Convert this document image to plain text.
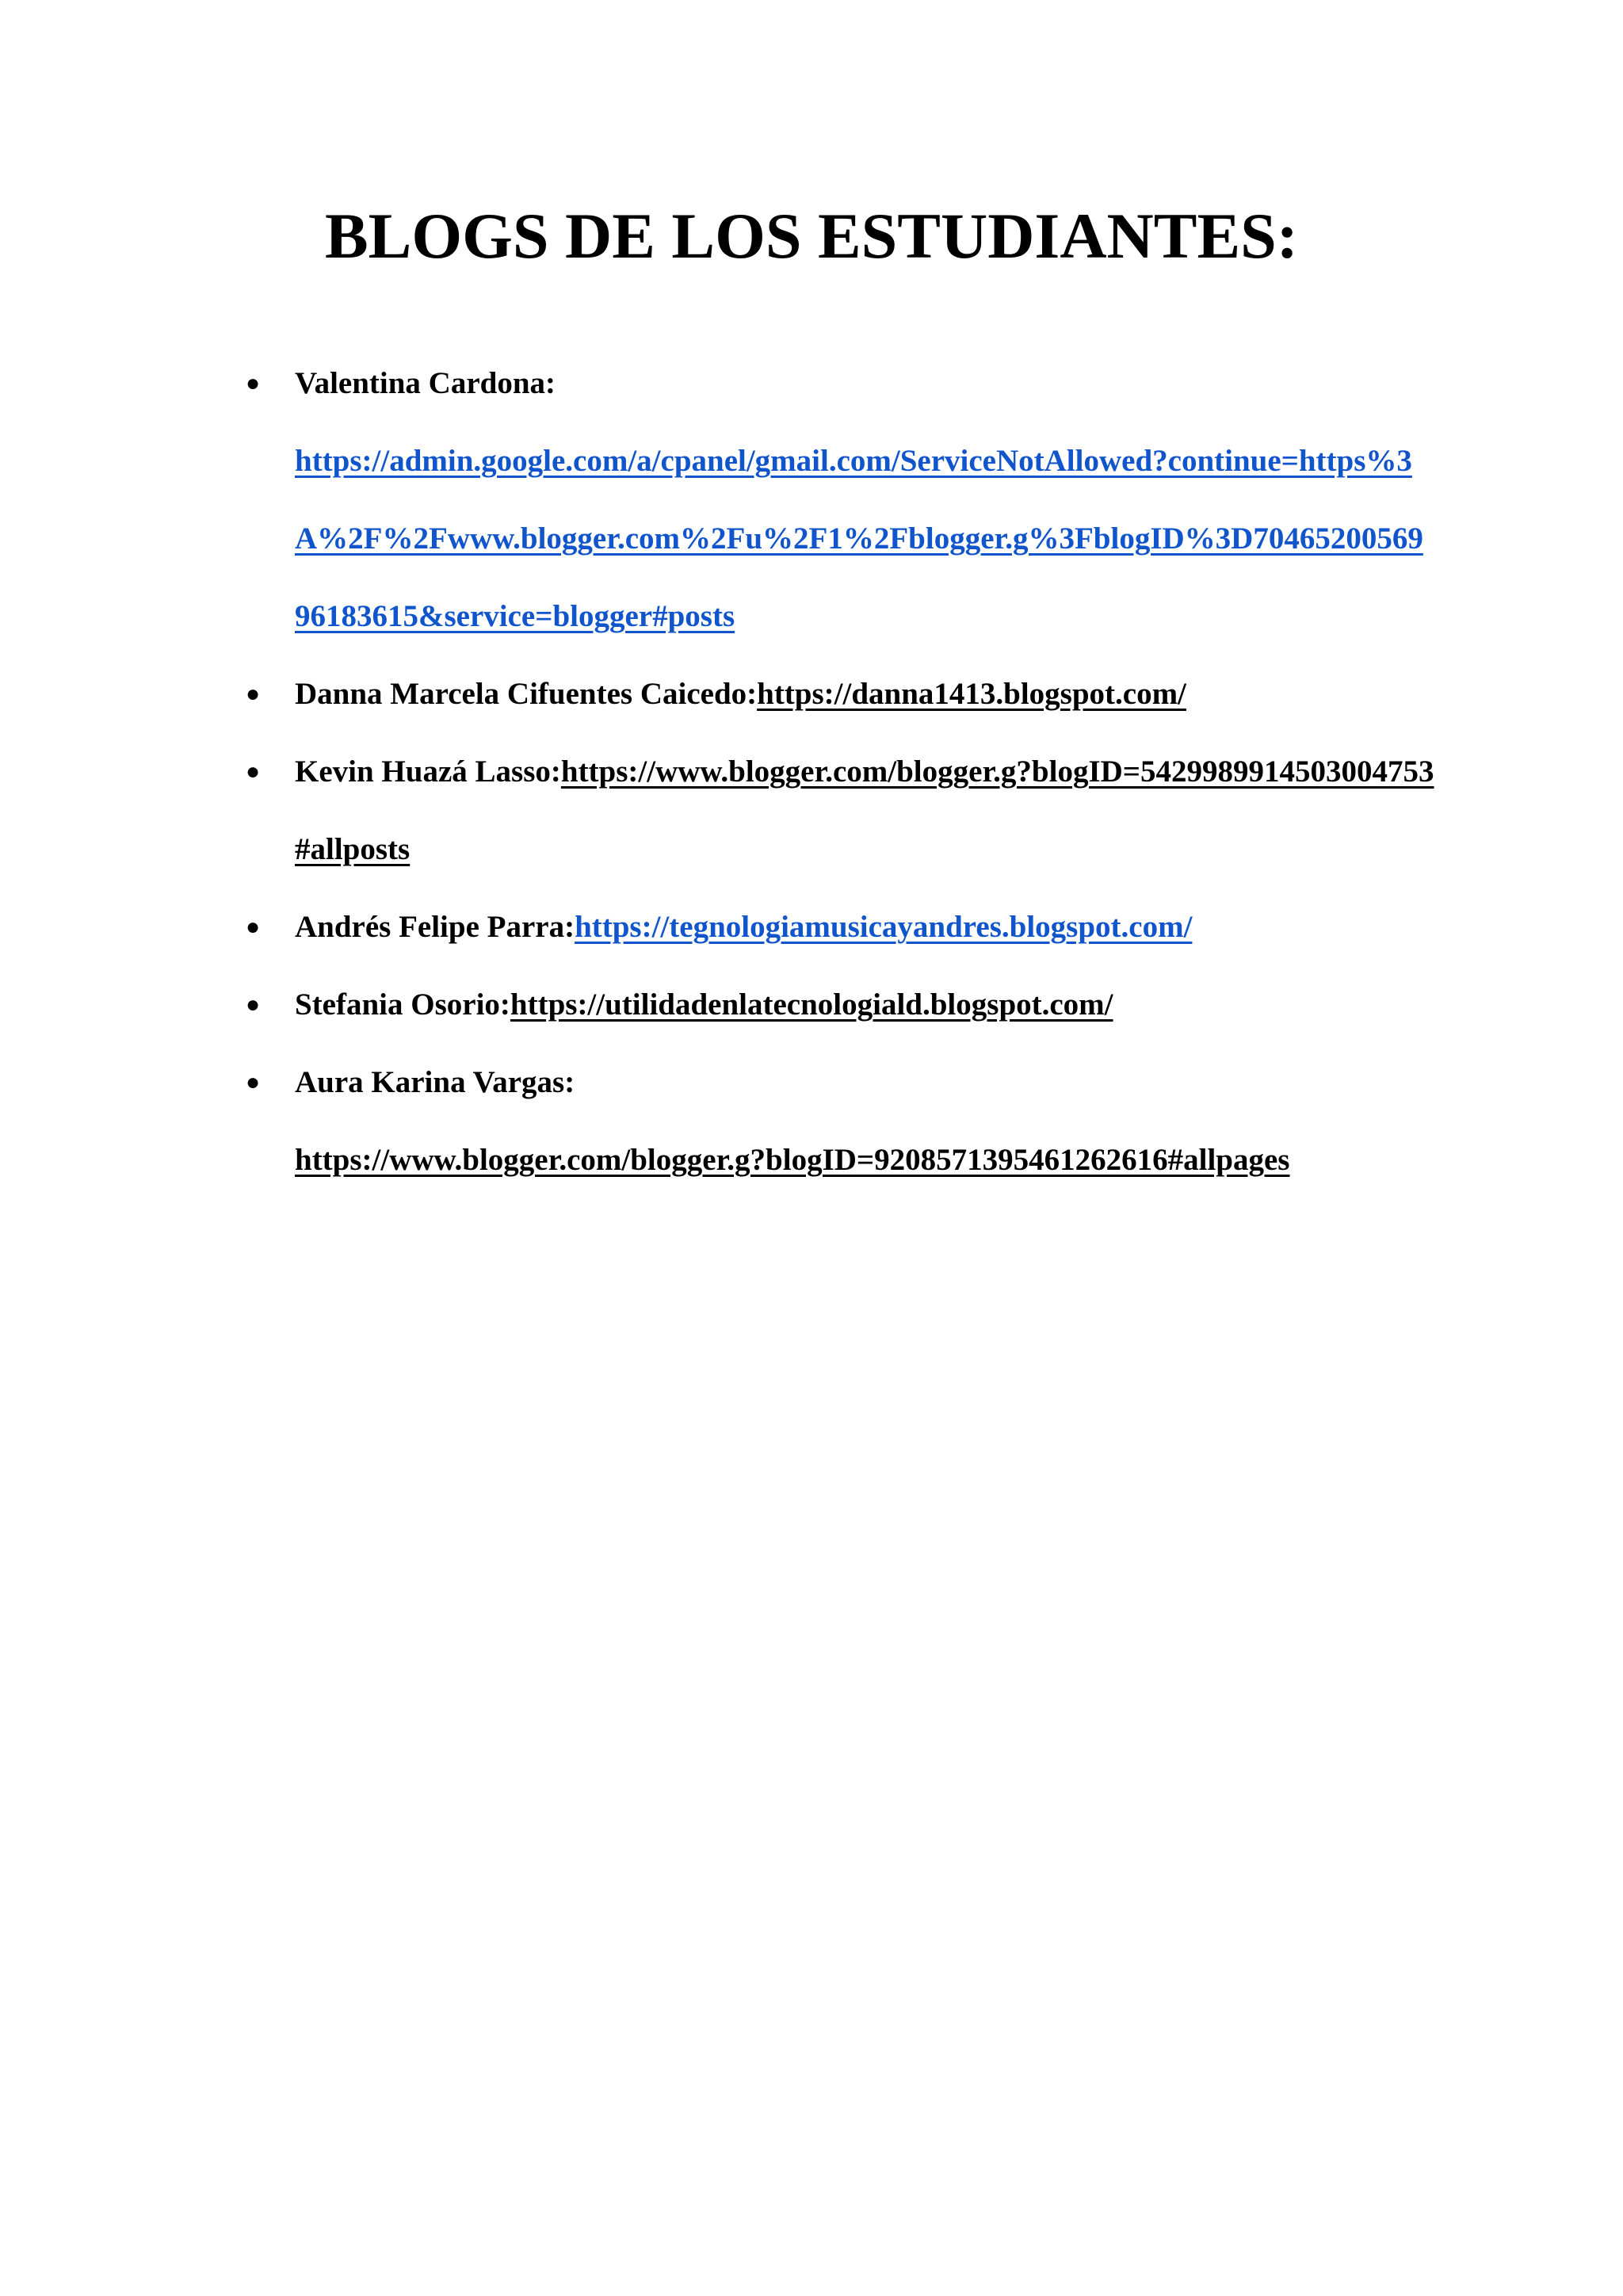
BLOGS DE LOS ESTUDIANTES:
● Valentina Cardona:
https://admin.google.com/a/cpanel/gmail.com/ServiceNotAllowed?continue=https%3A%2F%2Fwww.blogger.com%2Fu%2F1%2Fblogger.g%3FblogID%3D7046520056996183615&service=blogger#posts
● Danna Marcela Cifuentes Caicedo:https://danna1413.blogspot.com/
● Kevin Huazá Lasso:https://www.blogger.com/blogger.g?blogID=5429989914503004753#allposts
● Andrés Felipe Parra:https://tegnologiamusicayandres.blogspot.com/
● Stefania Osorio:https://utilidadenlatecnologiald.blogspot.com/
● Aura Karina Vargas:
https://www.blogger.com/blogger.g?blogID=9208571395461262616#allpages
